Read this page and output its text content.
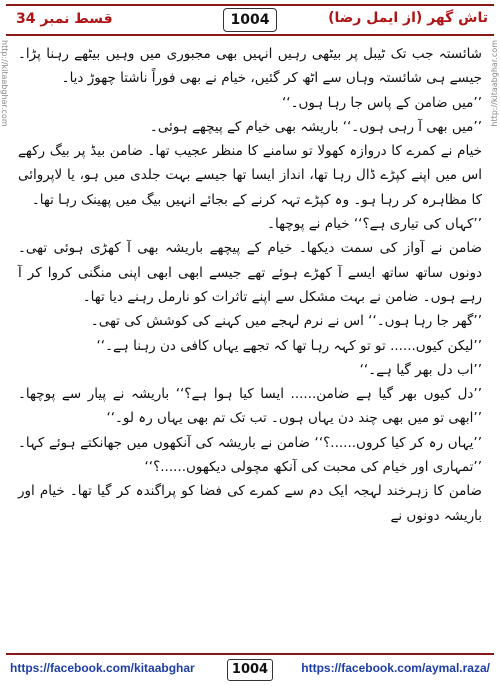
قسط نمبر 34	1004	تاش گھر (از ایمل رضا)
http://kitaabghar.com	http://kitaabghar.com

شائستہ جب تک ٹیبل پر بیٹھی رہیں انہیں بھی مجبوری میں وہیں بیٹھے رہنا پڑا۔ جیسے ہی شائستہ وہاں سے اٹھ کر گئیں، خیام نے بھی فوراً ناشتا چھوڑ دیا۔

’’میں ضامن کے پاس جا رہا ہوں۔‘‘

’’میں بھی آ رہی ہوں۔‘‘ باریشہ بھی خیام کے پیچھے ہوئی۔

خیام نے کمرے کا دروازہ کھولا تو سامنے کا منظر عجیب تھا۔ ضامن بیڈ پر بیگ رکھے اس میں اپنے کپڑے ڈال رہا تھا، انداز ایسا تھا جیسے بہت جلدی میں ہو، یا لاپروائی کا مظاہرہ کر رہا ہو۔ وہ کپڑے تہہ کرنے کے بجائے انہیں بیگ میں پھینک رہا تھا۔

’’کہاں کی تیاری ہے؟‘‘ خیام نے پوچھا۔

ضامن نے آواز کی سمت دیکھا۔ خیام کے پیچھے باریشہ بھی آ کھڑی ہوئی تھی۔ دونوں ساتھ ساتھ ایسے آ کھڑے ہوئے تھے جیسے ابھی ابھی اپنی منگنی کروا کر آ رہے ہوں۔ ضامن نے بہت مشکل سے اپنے تاثرات کو نارمل رہنے دیا تھا۔

’’گھر جا رہا ہوں۔‘‘ اس نے نرم لہجے میں کہنے کی کوشش کی تھی۔

’’لیکن کیوں...... تو تو کہہ رہا تھا کہ تجھے یہاں کافی دن رہنا ہے۔‘‘

’’اب دل بھر گیا ہے۔‘‘

’’دل کیوں بھر گیا ہے ضامن...... ایسا کیا ہوا ہے؟‘‘ باریشہ نے پیار سے پوچھا۔ ’’ابھی تو میں بھی چند دن یہاں ہوں۔ تب تک تم بھی یہاں رہ لو۔‘‘

’’یہاں رہ کر کیا کروں......؟‘‘ ضامن نے باریشہ کی آنکھوں میں جھانکتے ہوئے کہا۔ ’’تمہاری اور خیام کی محبت کی آنکھ مچولی دیکھوں......؟‘‘

ضامن کا زہرخند لہجہ ایک دم سے کمرے کی فضا کو پراگندہ کر گیا تھا۔ خیام اور باریشہ دونوں نے

https://facebook.com/kitaabghar	1004	https://facebook.com/aymal.raza/
